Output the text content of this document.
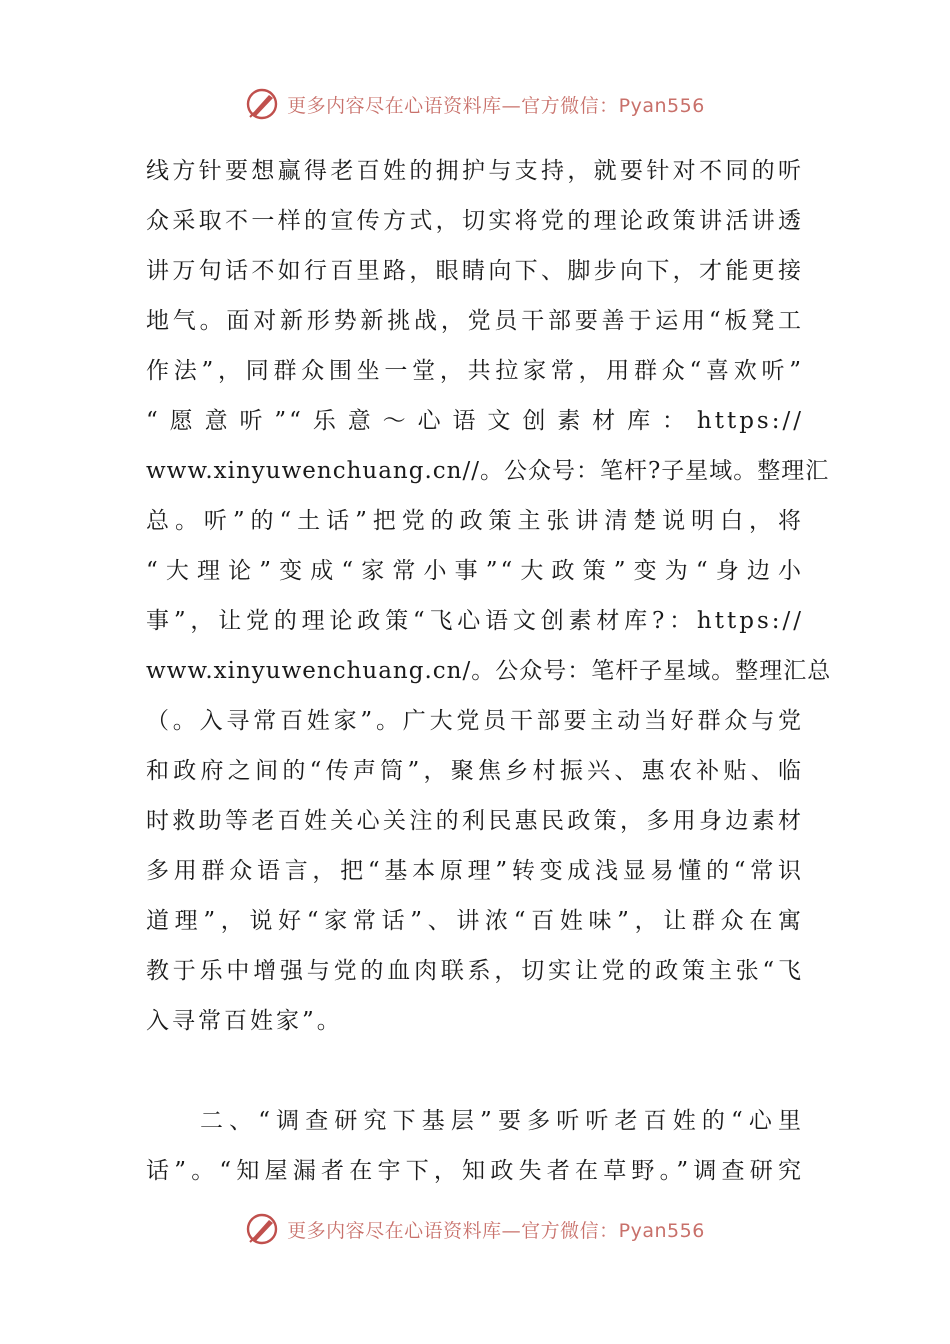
更多内容尽在心语资料库—官方微信：Pyan556
线方针要想赢得老百姓的拥护与支持，就要针对不同的听
众采取不一样的宣传方式，切实将党的理论政策讲活讲透
讲万句话不如行百里路，眼睛向下、脚步向下，才能更接
地气。面对新形势新挑战，党员干部要善于运用“板凳工
作法”，同群众围坐一堂，共拉家常，用群众“喜欢听”
“愿意听”“乐意～心语文创素材库：https://
www.xinyuwenchuang.cn//。公众号：笔杆?子星域。整理汇
总。听”的“土话”把党的政策主张讲清楚说明白，将
“大理论”变成“家常小事”“大政策”变为“身边小
事”，让党的理论政策“飞心语文创素材库?：https://
www.xinyuwenchuang.cn/。公众号：笔杆子星域。整理汇总
（。入寻常百姓家”。广大党员干部要主动当好群众与党
和政府之间的“传声筒”，聚焦乡村振兴、惠农补贴、临
时救助等老百姓关心关注的利民惠民政策，多用身边素材
多用群众语言，把“基本原理”转变成浅显易懂的“常识
道理”，说好“家常话”、讲浓“百姓味”，让群众在寓
教于乐中增强与党的血肉联系，切实让党的政策主张“飞
入寻常百姓家”。
二、“调查研究下基层”要多听听老百姓的“心里
话”。“知屋漏者在宇下，知政失者在草野。”调查研究
更多内容尽在心语资料库—官方微信：Pyan556
